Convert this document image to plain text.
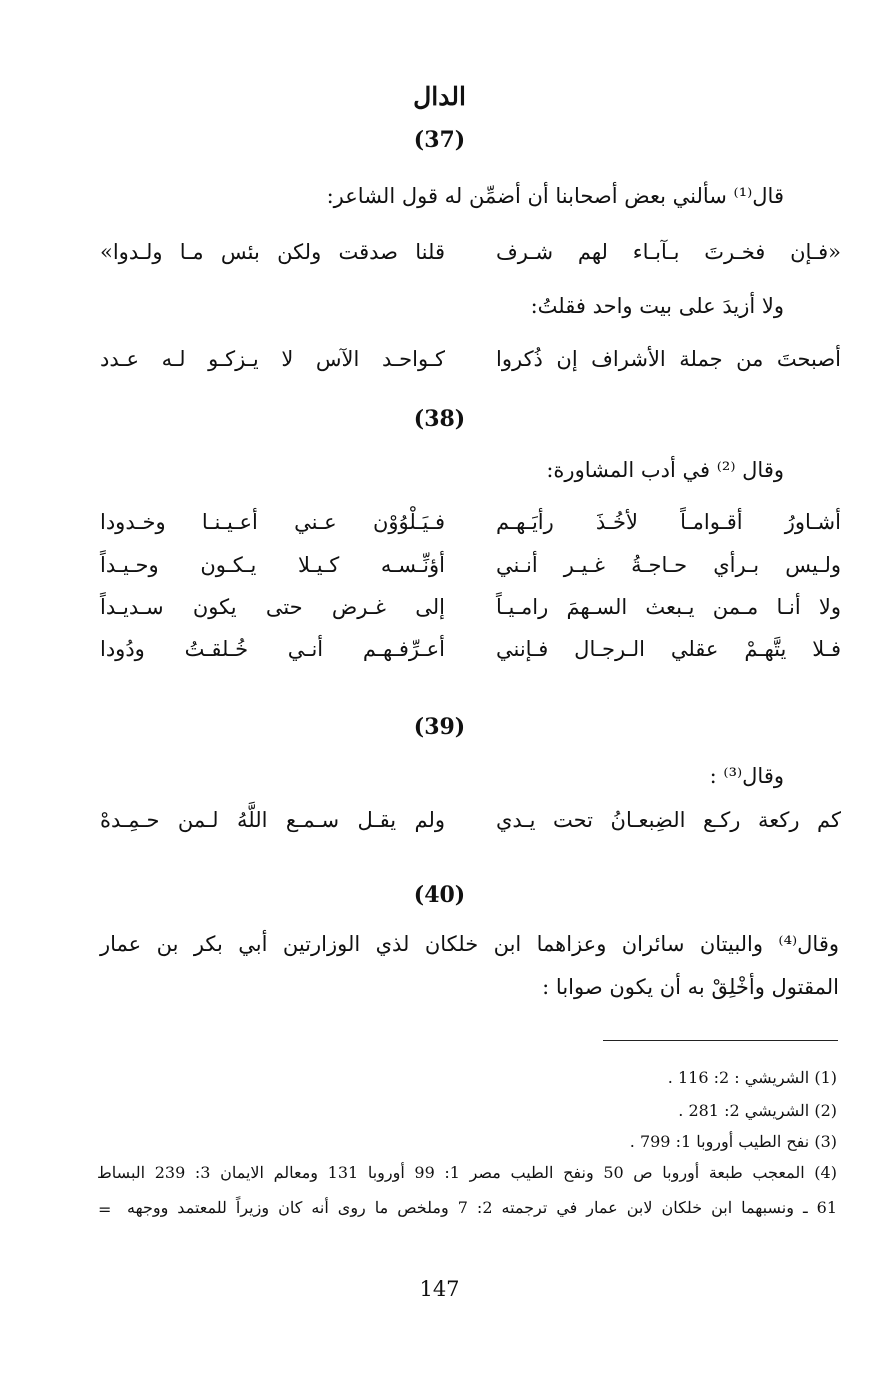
الدال
(37)
قال⁽¹⁾ سألني بعض أصحابنا أن أضمِّن له قول الشاعر:
«فـإن فخـرتَ بـآبـاء لهم شـرف
قلنا صدقت ولكن بئس مـا ولـدوا»
ولا أزيدَ على بيت واحد فقلتُ:
أصبحتَ من جملة الأشراف إن ذُكروا
كـواحـد الآس لا يـزكـو لـه عـدد
(38)
وقال ⁽²⁾ في أدب المشاورة:
أشـاورُ أقـوامـاً لأخُـذَ رأيَـهـم
فـيَـلْوُوْن عـني أعـيـنـا وخـدودا
ولـيس بـرأي حـاجـةُ غـيـر أنـني
أؤنِّـسـه كـيـلا يـكـون وحـيـداً
ولا أنـا مـمن يـبعث السـهمَ رامـيـاً
إلى غـرض حتى يكون سـديـداً
فـلا يتَّهـمْ عقلي الـرجـال فـإنني
أعـرِّفـهـم أنـي خُـلقـتُ ودُودا
(39)
وقال⁽³⁾ :
كم ركعة ركـع الضِبعـانُ تحت يـدي
ولم يقـل سـمـع اللَّهُ لـمن حـمِـدهْ
(40)
وقال⁽⁴⁾ والبيتان سائران وعزاهما ابن خلكان لذي الوزارتين أبي بكر بن عمار
المقتول وأخْلِقْ به أن يكون صوابا :
(1) الشريشي : 2: 116 .
(2) الشريشي 2: 281 .
(3) نفح الطيب أوروبا 1: 799 .
(4) المعجب طبعة أوروبا ص 50 ونفح الطيب مصر 1: 99 أوروبا 131 ومعالم الايمان 3: 239 البساط
61 ـ ونسبهما ابن خلكان لابن عمار في ترجمته 2: 7 وملخص ما روى أنه كان وزيراً للمعتمد ووجهه
=
147
